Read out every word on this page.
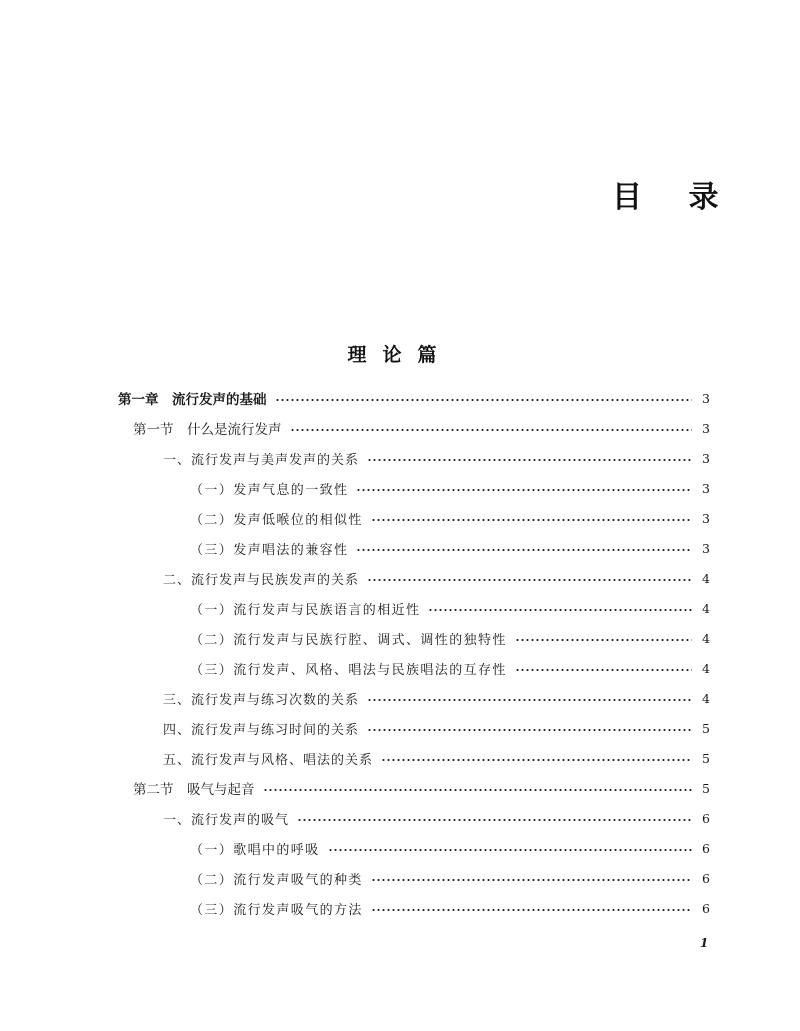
目 录
理论篇
第一章　流行发声的基础	3
第一节　什么是流行发声	3
一、流行发声与美声发声的关系	3
（一）发声气息的一致性	3
（二）发声低喉位的相似性	3
（三）发声唱法的兼容性	3
二、流行发声与民族发声的关系	4
（一）流行发声与民族语言的相近性	4
（二）流行发声与民族行腔、调式、调性的独特性	4
（三）流行发声、风格、唱法与民族唱法的互存性	4
三、流行发声与练习次数的关系	4
四、流行发声与练习时间的关系	5
五、流行发声与风格、唱法的关系	5
第二节　吸气与起音	5
一、流行发声的吸气	6
（一）歌唱中的呼吸	6
（二）流行发声吸气的种类	6
（三）流行发声吸气的方法	6
1
